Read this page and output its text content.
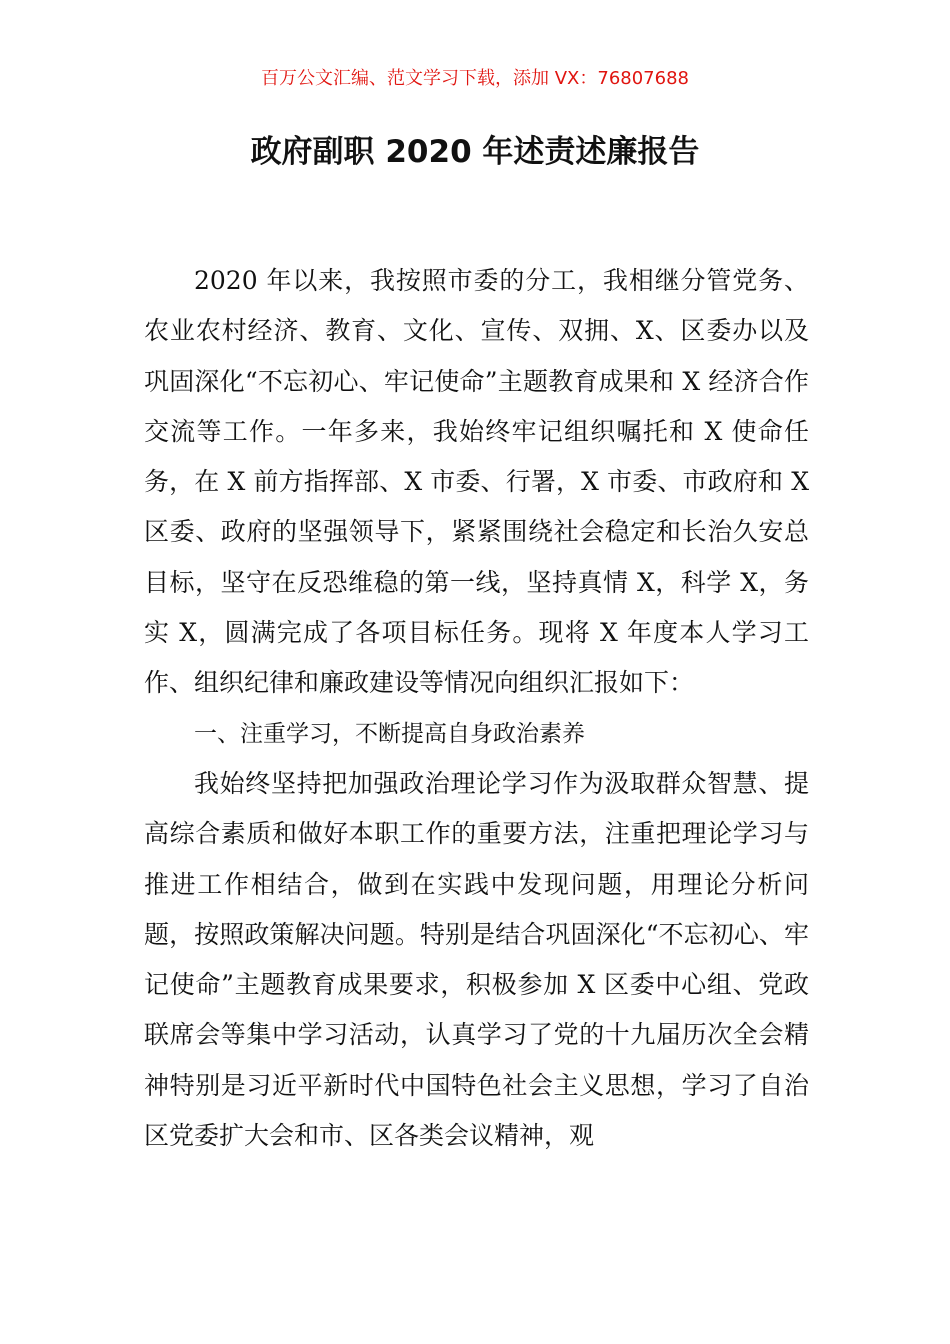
百万公文汇编、范文学习下载，添加 VX：76807688
政府副职 2020 年述责述廉报告

2020 年以来，我按照市委的分工，我相继分管党务、农业农村经济、教育、文化、宣传、双拥、X、区委办以及巩固深化“不忘初心、牢记使命”主题教育成果和 X 经济合作交流等工作。一年多来，我始终牢记组织嘱托和 X 使命任务，在 X 前方指挥部、X 市委、行署，X 市委、市政府和 X 区委、政府的坚强领导下，紧紧围绕社会稳定和长治久安总目标，坚守在反恐维稳的第一线，坚持真情 X，科学 X，务实 X，圆满完成了各项目标任务。现将 X 年度本人学习工作、组织纪律和廉政建设等情况向组织汇报如下：

一、注重学习，不断提高自身政治素养

我始终坚持把加强政治理论学习作为汲取群众智慧、提高综合素质和做好本职工作的重要方法，注重把理论学习与推进工作相结合，做到在实践中发现问题，用理论分析问题，按照政策解决问题。特别是结合巩固深化“不忘初心、牢记使命”主题教育成果要求，积极参加 X 区委中心组、党政联席会等集中学习活动，认真学习了党的十九届历次全会精神特别是习近平新时代中国特色社会主义思想，学习了自治区党委扩大会和市、区各类会议精神，观
